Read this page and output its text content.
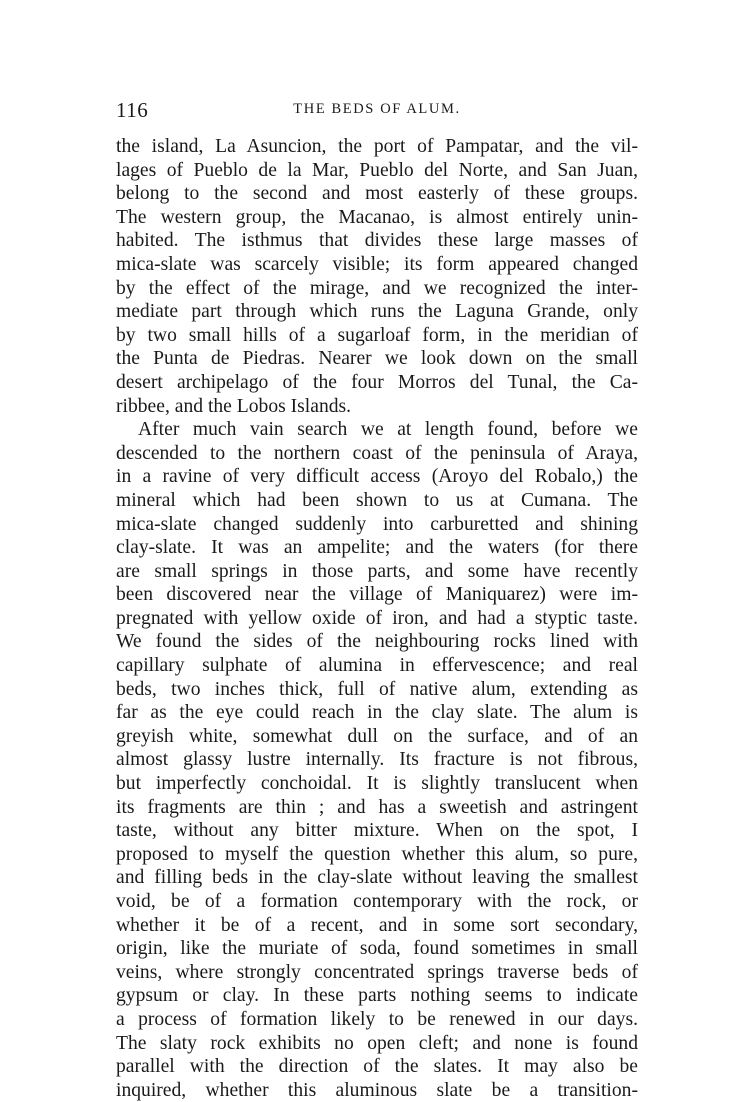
116	THE BEDS OF ALUM.
the island, La Asuncion, the port of Pampatar, and the vil-
lages of Pueblo de la Mar, Pueblo del Norte, and San Juan,
belong to the second and most easterly of these groups.
The western group, the Macanao, is almost entirely unin-
habited. The isthmus that divides these large masses of
mica-slate was scarcely visible; its form appeared changed
by the effect of the mirage, and we recognized the inter-
mediate part through which runs the Laguna Grande, only
by two small hills of a sugarloaf form, in the meridian of
the Punta de Piedras. Nearer we look down on the small
desert archipelago of the four Morros del Tunal, the Ca-
ribbee, and the Lobos Islands.
After much vain search we at length found, before we
descended to the northern coast of the peninsula of Araya,
in a ravine of very difficult access (Aroyo del Robalo,) the
mineral which had been shown to us at Cumana. The
mica-slate changed suddenly into carburetted and shining
clay-slate. It was an ampelite; and the waters (for there
are small springs in those parts, and some have recently
been discovered near the village of Maniquarez) were im-
pregnated with yellow oxide of iron, and had a styptic taste.
We found the sides of the neighbouring rocks lined with
capillary sulphate of alumina in effervescence; and real
beds, two inches thick, full of native alum, extending as
far as the eye could reach in the clay slate. The alum is
greyish white, somewhat dull on the surface, and of an
almost glassy lustre internally. Its fracture is not fibrous,
but imperfectly conchoidal. It is slightly translucent when
its fragments are thin ; and has a sweetish and astringent
taste, without any bitter mixture. When on the spot, I
proposed to myself the question whether this alum, so pure,
and filling beds in the clay-slate without leaving the smallest
void, be of a formation contemporary with the rock, or
whether it be of a recent, and in some sort secondary,
origin, like the muriate of soda, found sometimes in small
veins, where strongly concentrated springs traverse beds of
gypsum or clay. In these parts nothing seems to indicate
a process of formation likely to be renewed in our days.
The slaty rock exhibits no open cleft; and none is found
parallel with the direction of the slates. It may also be
inquired, whether this aluminous slate be a transition-
